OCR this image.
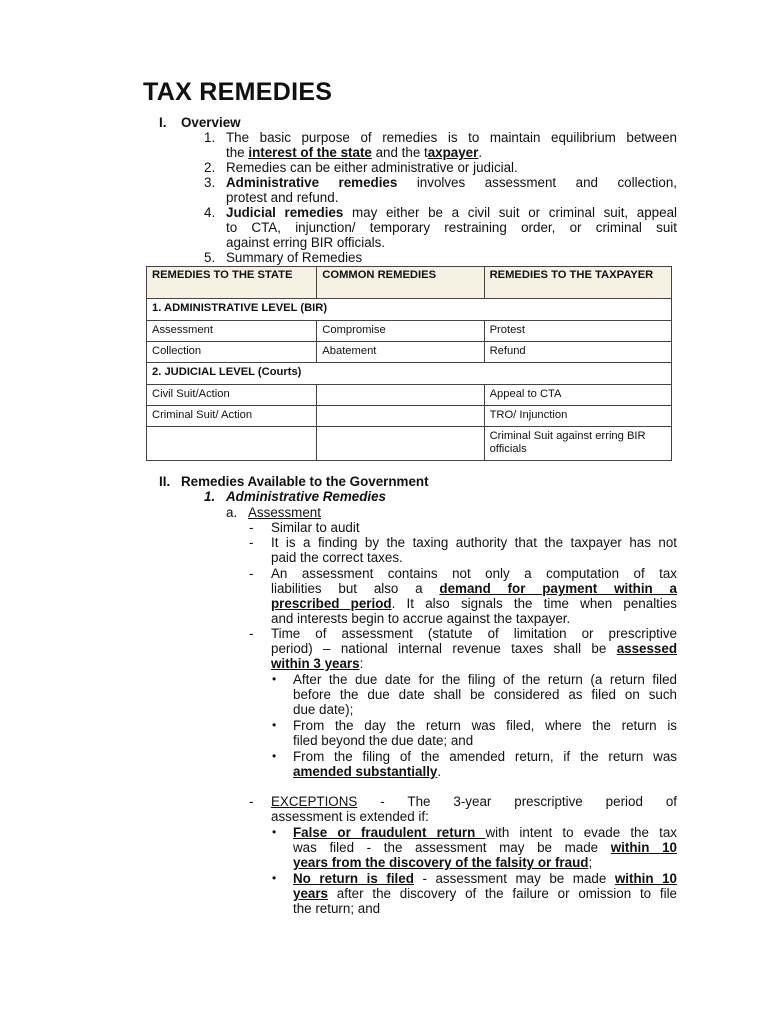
TAX REMEDIES
I. Overview
1. The basic purpose of remedies is to maintain equilibrium between
the interest of the state and the taxpayer.
2. Remedies can be either administrative or judicial.
3. Administrative remedies involves assessment and collection,
protest and refund.
4. Judicial remedies may either be a civil suit or criminal suit, appeal
to CTA, injunction/ temporary restraining order, or criminal suit
against erring BIR officials.
5. Summary of Remedies
REMEDIES TO THE STATE	COMMON REMEDIES	REMEDIES TO THE TAXPAYER

1. ADMINISTRATIVE LEVEL (BIR)		
Assessment	Compromise	Protest
Collection	Abatement	Refund
2. JUDICIAL LEVEL (Courts)		
Civil Suit/Action		Appeal to CTA
Criminal Suit/ Action		TRO/ Injunction
		Criminal Suit against erring BIR officials
II. Remedies Available to the Government
1. Administrative Remedies
a. Assessment
- Similar to audit
- It is a finding by the taxing authority that the taxpayer has not
paid the correct taxes.
- An assessment contains not only a computation of tax
liabilities but also a demand for payment within a
prescribed period. It also signals the time when penalties
and interests begin to accrue against the taxpayer.
- Time of assessment (statute of limitation or prescriptive
period) – national internal revenue taxes shall be assessed
within 3 years:
• After the due date for the filing of the return (a return filed
before the due date shall be considered as filed on such
due date);
• From the day the return was filed, where the return is
filed beyond the due date; and
• From the filing of the amended return, if the return was
amended substantially.
- EXCEPTIONS - The 3-year prescriptive period of
assessment is extended if:
• False or fraudulent return with intent to evade the tax
was filed - the assessment may be made within 10
years from the discovery of the falsity or fraud;
• No return is filed - assessment may be made within 10
years after the discovery of the failure or omission to file
the return; and
